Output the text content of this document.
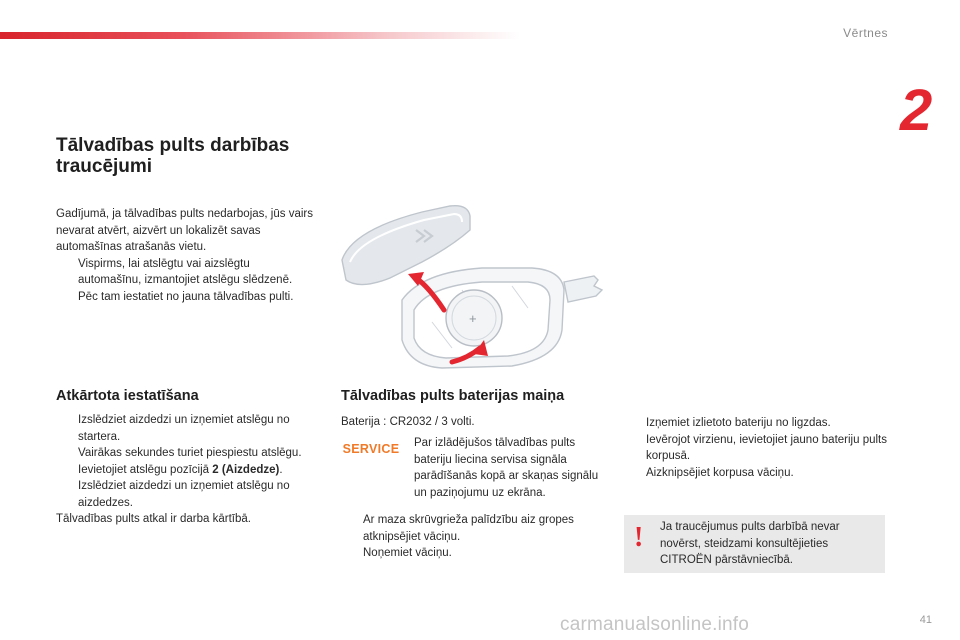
Vērtnes
2
Tālvadības pults darbības traucējumi
Gadījumā, ja tālvadības pults nedarbojas, jūs vairs nevarat atvērt, aizvērt un lokalizēt savas automašīnas atrašanās vietu.
Vispirms, lai atslēgtu vai aizslēgtu automašīnu, izmantojiet atslēgu slēdzenē.
Pēc tam iestatiet no jauna tālvadības pulti.
+
Atkārtota iestatīšana
Izslēdziet aizdedzi un izņemiet atslēgu no startera.
Vairākas sekundes turiet piespiestu atslēgu.
Ievietojiet atslēgu pozīcijā 2 (Aizdedze).
Izslēdziet aizdedzi un izņemiet atslēgu no aizdedzes.
Tālvadības pults atkal ir darba kārtībā.
Tālvadības pults baterijas maiņa
Baterija : CR2032 / 3 volti.
SERVICE Par izlādējušos tālvadības pults bateriju liecina servisa signāla parādīšanās kopā ar skaņas signālu un paziņojumu uz ekrāna.
Ar maza skrūvgrieža palīdzību aiz gropes atknipsējiet vāciņu.
Noņemiet vāciņu.
Izņemiet izlietoto bateriju no ligzdas.
Ievērojot virzienu, ievietojiet jauno bateriju pults korpusā.
Aizknipsējiet korpusa vāciņu.
! Ja traucējumus pults darbībā nevar novērst, steidzami konsultējieties CITROËN pārstāvniecībā.
carmanualsonline.info	41
